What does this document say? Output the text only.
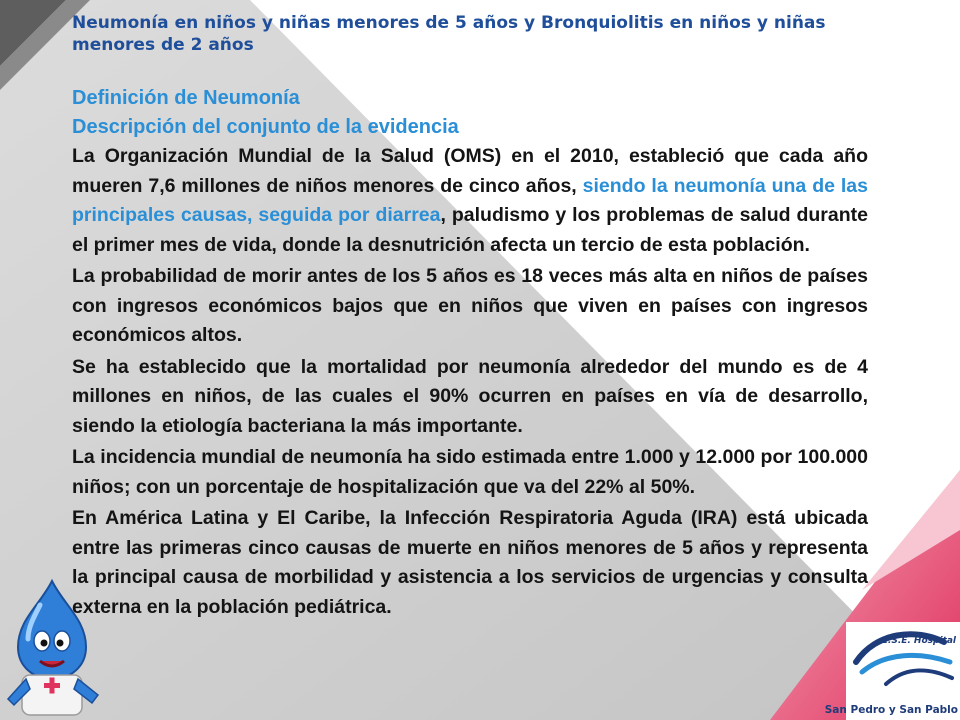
Neumonía en niños y niñas menores de 5 años y Bronquiolitis en niños y niñas menores de 2 años

Definición de Neumonía

Descripción del conjunto de la evidencia

La Organización Mundial de la Salud (OMS) en el 2010, estableció que cada año mueren 7,6 millones de niños menores de cinco años, siendo la neumonía una de las principales causas, seguida por diarrea, paludismo y los problemas de salud durante el primer mes de vida, donde la desnutrición afecta un tercio de esta población.

La probabilidad de morir antes de los 5 años es 18 veces más alta en niños de países con ingresos económicos bajos que en niños que viven en países con ingresos económicos altos.

Se ha establecido que la mortalidad por neumonía alrededor del mundo es de 4 millones en niños, de las cuales el 90% ocurren en países en vía de desarrollo, siendo la etiología bacteriana la más importante.

La incidencia mundial de neumonía ha sido estimada entre 1.000 y 12.000 por 100.000 niños; con un porcentaje de hospitalización que va del 22% al 50%.

En América Latina y El Caribe, la Infección Respiratoria Aguda (IRA) está ubicada entre las primeras cinco causas de muerte en niños menores de 5 años y representa la principal causa de morbilidad y asistencia a los servicios de urgencias y consulta externa en la población pediátrica.

E.S.E. Hospital
San Pedro y San Pablo
